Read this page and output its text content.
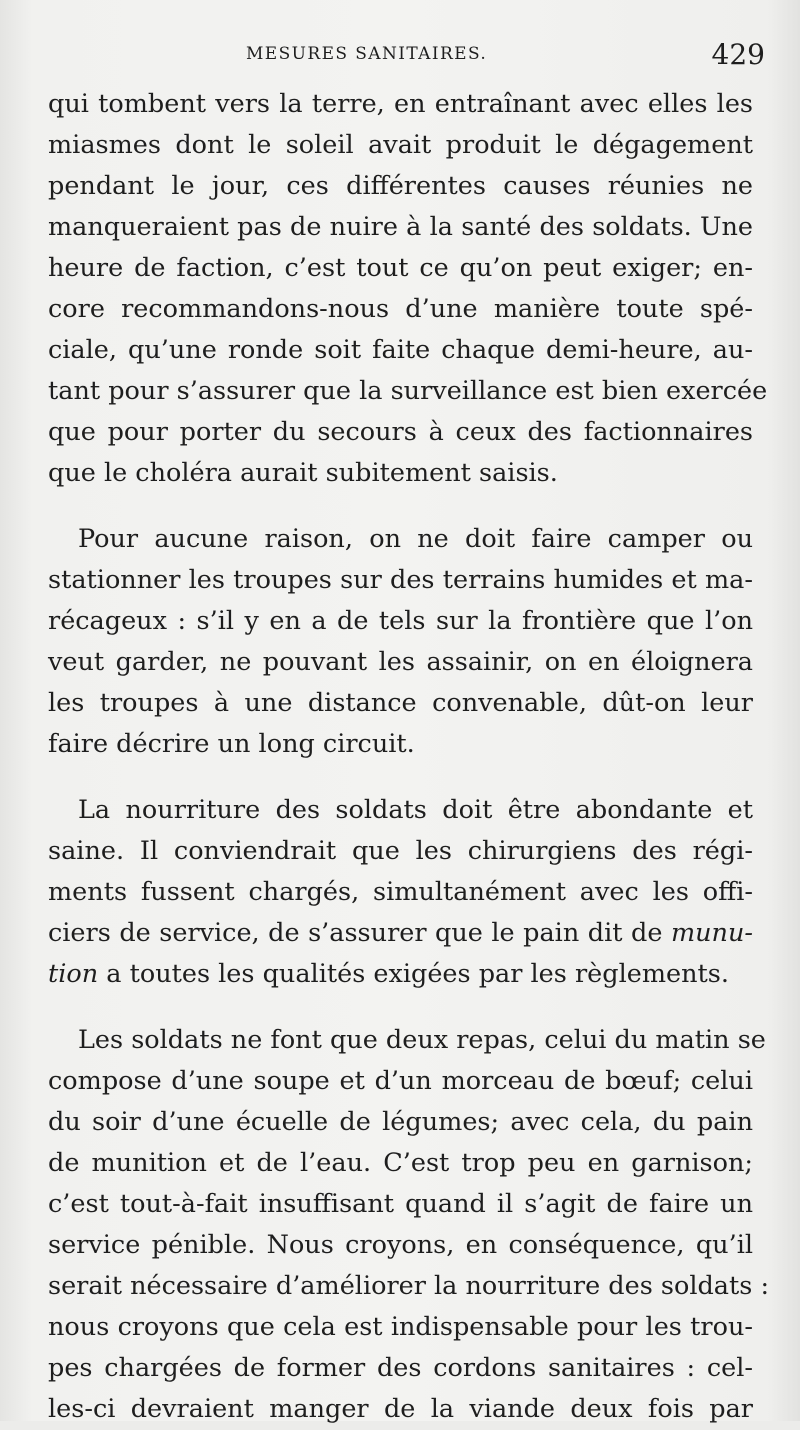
MESURES SANITAIRES.	429

qui tombent vers la terre, en entraînant avec elles les
miasmes dont le soleil avait produit le dégagement
pendant le jour, ces différentes causes réunies ne
manqueraient pas de nuire à la santé des soldats. Une
heure de faction, c’est tout ce qu’on peut exiger; en-
core recommandons-nous d’une manière toute spé-
ciale, qu’une ronde soit faite chaque demi-heure, au-
tant pour s’assurer que la surveillance est bien exercée
que pour porter du secours à ceux des factionnaires
que le choléra aurait subitement saisis.

Pour aucune raison, on ne doit faire camper ou
stationner les troupes sur des terrains humides et ma-
récageux : s’il y en a de tels sur la frontière que l’on
veut garder, ne pouvant les assainir, on en éloignera
les troupes à une distance convenable, dût-on leur
faire décrire un long circuit.

La nourriture des soldats doit être abondante et
saine. Il conviendrait que les chirurgiens des régi-
ments fussent chargés, simultanément avec les offi-
ciers de service, de s’assurer que le pain dit de munu-
tion a toutes les qualités exigées par les règlements.

Les soldats ne font que deux repas, celui du matin se
compose d’une soupe et d’un morceau de bœuf; celui
du soir d’une écuelle de légumes; avec cela, du pain
de munition et de l’eau. C’est trop peu en garnison;
c’est tout-à-fait insuffisant quand il s’agit de faire un
service pénible. Nous croyons, en conséquence, qu’il
serait nécessaire d’améliorer la nourriture des soldats :
nous croyons que cela est indispensable pour les trou-
pes chargées de former des cordons sanitaires : cel-
les-ci devraient manger de la viande deux fois par
